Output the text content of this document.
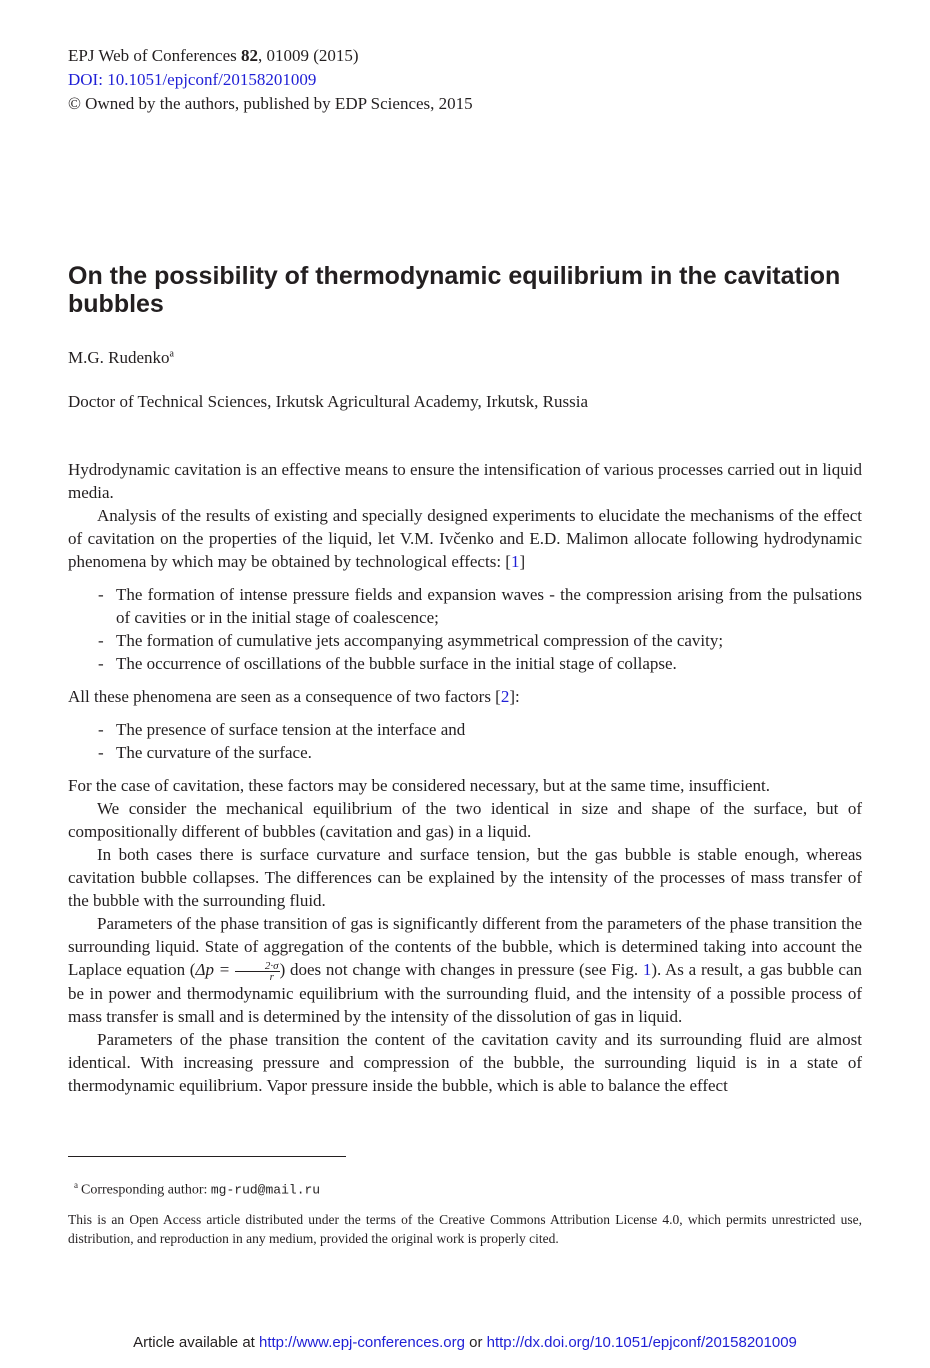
EPJ Web of Conferences 82, 01009 (2015)
DOI: 10.1051/epjconf/20158201009
© Owned by the authors, published by EDP Sciences, 2015
On the possibility of thermodynamic equilibrium in the cavitation bubbles
M.G. Rudenko$^a$
Doctor of Technical Sciences, Irkutsk Agricultural Academy, Irkutsk, Russia

Hydrodynamic cavitation is an effective means to ensure the intensification of various processes carried out in liquid media.

Analysis of the results of existing and specially designed experiments to elucidate the mechanisms of the effect of cavitation on the properties of the liquid, let V.M. Ivčenko and E.D. Malimon allocate following hydrodynamic phenomena by which may be obtained by technological effects: [1]

- The formation of intense pressure fields and expansion waves - the compression arising from the pulsations of cavities or in the initial stage of coalescence;
- The formation of cumulative jets accompanying asymmetrical compression of the cavity;
- The occurrence of oscillations of the bubble surface in the initial stage of collapse.

All these phenomena are seen as a consequence of two factors [2]:

- The presence of surface tension at the interface and
- The curvature of the surface.

For the case of cavitation, these factors may be considered necessary, but at the same time, insufficient.

We consider the mechanical equilibrium of the two identical in size and shape of the surface, but of compositionally different of bubbles (cavitation and gas) in a liquid.

In both cases there is surface curvature and surface tension, but the gas bubble is stable enough, whereas cavitation bubble collapses. The differences can be explained by the intensity of the processes of mass transfer of the bubble with the surrounding fluid.

Parameters of the phase transition of gas is significantly different from the parameters of the phase transition the surrounding liquid. State of aggregation of the contents of the bubble, which is determined taking into account the Laplace equation ($\Delta p = \frac{2\cdot\sigma}{r}$ ) does not change with changes in pressure (see Fig. 1). As a result, a gas bubble can be in power and thermodynamic equilibrium with the surrounding fluid, and the intensity of a possible process of mass transfer is small and is determined by the intensity of the dissolution of gas in liquid.

Parameters of the phase transition the content of the cavitation cavity and its surrounding fluid are almost identical. With increasing pressure and compression of the bubble, the surrounding liquid is in a state of thermodynamic equilibrium. Vapor pressure inside the bubble, which is able to balance the effect

$^a$ Corresponding author: mg-rud@mail.ru
This is an Open Access article distributed under the terms of the Creative Commons Attribution License 4.0, which permits unrestricted use, distribution, and reproduction in any medium, provided the original work is properly cited.
Article available at http://www.epj-conferences.org or http://dx.doi.org/10.1051/epjconf/20158201009
